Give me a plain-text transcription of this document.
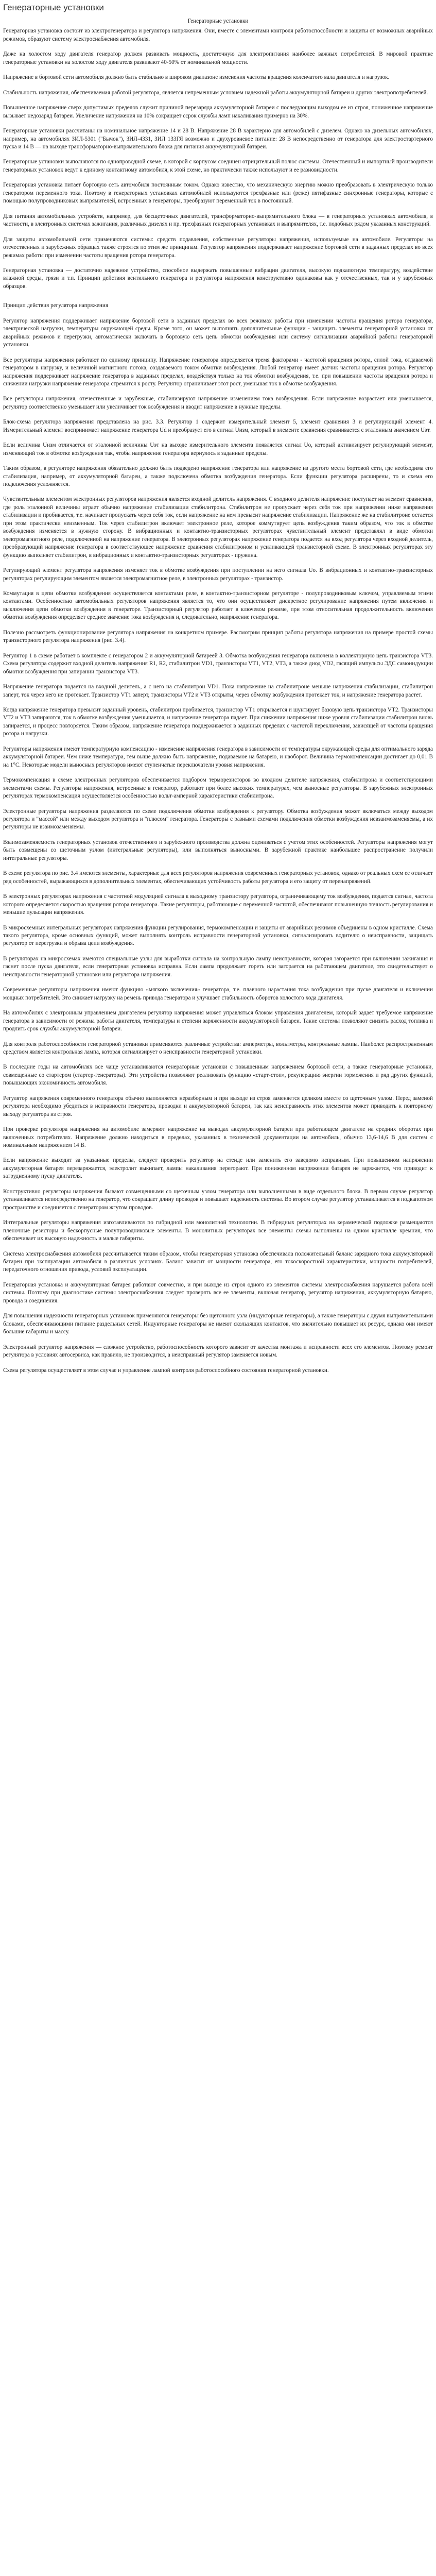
Генераторные установки
Генераторные установки

Генераторная установка состоит из электрогенератора и регулятора напряжения. Они, вместе с элементами контроля работоспособности и защиты от возможных аварийных режимов, образуют систему электроснабжения автомобиля.

Даже на холостом ходу двигателя генератор должен развивать мощность, достаточную для электропитания наиболее важных потребителей. В мировой практике генераторные установки на холостом ходу двигателя развивают 40-50% от номинальной мощности.

Напряжение в бортовой сети автомобиля должно быть стабильно в широком диапазоне изменения частоты вращения коленчатого вала двигателя и нагрузок.

Стабильность напряжения, обеспечиваемая работой регулятора, является непременным условием надежной работы аккумуляторной батареи и других электропотребителей.

Повышенное напряжение сверх допустимых пределов служит причиной перезаряда аккумуляторной батареи с последующим выходом ее из строя, пониженное напряжение вызывает недозаряд батареи. Увеличение напряжения на 10% сокращает ссрок службы ламп накаливания примерно на 30%.

Генераторные установки рассчитаны на номинальное напряжение 14 и 28 В. Напряжение 28 В характерно для автомобилей с дизелем. Однако на дизельных автомобилях, например, на автомобилях ЗИЛ-5301 ("Бычок"), ЗИЛ-4331, ЗИЛ 133ГЯ возможно и двухуровневое питание: 28 В непосредственно от генератора для электростартерного пуска и 14 В — на выходе трансформаторно-выпрямительного блока для питания аккумуляторной батареи.

Генераторные установки выполняются по однопроводной схеме, в которой с корпусом соединен отрицательный полюс системы. Отечественный и импортный производители генераторных установок ведут к единому контактному автомобиля, к этой схеме, но практически также используют и ее разновидности.

Генераторная установка питает бортовую сеть автомобиля постоянным током. Однако известно, что механическую энергию можно преобразовать в электрическую только генератором переменного тока. Поэтому в генераторных установках автомобилей используются трехфазные или (реже) пятифазные синхронные генераторы, которые с помощью полупроводниковых выпрямителей, встроенных в генераторы, преобразуют переменный ток в постоянный.

Для питания автомобильных устройств, например, для бесщеточных двигателей, трансформаторно-выпрямительного блока — в генераторных установках автомобиля, в частности, в электронных системах зажигания, различных дизелях и пр. трехфазных генераторных установках и выпрямителях, т.е. подобных рядом указанных конструкций.

Для защиты автомобильной сети применяются системы: средств подавления, собственные регуляторы напряжения, используемые на автомобиле. Регуляторы на отечественных и зарубежных образцах также строятся по этим же принципам. Регулятор напряжения поддерживает напряжение бортовой сети в заданных пределах во всех режимах работы при изменении частоты вращения ротора генератора.

Генераторная установка — достаточно надежное устройство, способное выдержать повышенные вибрации двигателя, высокую подкапотную температуру, воздействие влажной среды, грязи и т.п. Принцип действия вентильного генератора и регулятора напряжения конструктивно одинаковы как у отечественных, так и у зарубежных образцов.

Принцип действия регулятора напряжения

Регулятор напряжения поддерживает напряжение бортовой сети в заданных пределах во всех режимах работы при изменении частоты вращения ротора генератора, электрической нагрузки, температуры окружающей среды. Кроме того, он может выполнять дополнительные функции - защищать элементы генераторной установки от аварийных режимов и перегрузки, автоматически включать в бортовую сеть цепь обмотки возбуждения или систему сигнализации аварийной работы генераторной установки.

Все регуляторы напряжения работают по единому принципу. Напряжение генератора определяется тремя факторами - частотой вращения ротора, силой тока, отдаваемой генератором в нагрузку, и величиной магнитного потока, создаваемого током обмотки возбуждения. Любой генератор имеет датчик частоты вращения ротора. Регулятор напряжения поддерживает напряжение генератора в заданных пределах, воздействуя только на ток обмотки возбуждения, т.е. при повышении частоты вращения ротора и снижении нагрузки напряжение генератора стремится к росту. Регулятор ограничивает этот рост, уменьшая ток в обмотке возбуждения.

Все регуляторы напряжения, отечественные и зарубежные, стабилизируют напряжение изменением тока возбуждения. Если напряжение возрастает или уменьшается, регулятор соответственно уменьшает или увеличивает ток возбуждения и вводит напряжение в нужные пределы.

Блок-схема регулятора напряжения представлена на рис. 3.3. Регулятор 1 содержит измерительный элемент 5, элемент сравнения 3 и регулирующий элемент 4. Измерительный элемент воспринимает напряжение генератора Ud и преобразует его в сигнал Uизм, который в элементе сравнения сравнивается с эталонным значением Uэт.

Если величина Uизм отличается от эталонной величины Uэт на выходе измерительного элемента появляется сигнал Uо, который активизирует регулирующий элемент, изменяющий ток в обмотке возбуждения так, чтобы напряжение генератора вернулось в заданные пределы.

Таким образом, в регуляторе напряжения обязательно должно быть подведено напряжение генератора или напряжение из другого места бортовой сети, где необходима его стабилизация, например, от аккумуляторной батареи, а также подключена обмотка возбуждения генератора. Если функции регулятора расширены, то и схема его подключения усложняется.

Чувствительным элементом электронных регуляторов напряжения является входной делитель напряжения. С входного делителя напряжение поступает на элемент сравнения, где роль эталонной величины играет обычно напряжение стабилизации стабилитрона. Стабилитрон не пропускает через себя ток при напряжении ниже напряжения стабилизации и пробивается, т.е. начинает пропускать через себя ток, если напряжение на нем превысит напряжение стабилизации. Напряжение же на стабилитроне остается при этом практически неизменным. Ток через стабилитрон включает электронное реле, которое коммутирует цепь возбуждения таким образом, что ток в обмотке возбуждения изменяется в нужную сторону. В вибрационных и контактно-транзисторных регуляторах чувствительный элемент представлял в виде обмотки электромагнитного реле, подключенной на напряжение генератора. В электронных регуляторах напряжение генератора подается на вход регулятора через входной делитель, преобразующий напряжение генератора в соответствующее напряжение сравнения стабилитроном и усиливающей транзисторной схеме. В электронных регуляторах эту функцию выполняет стабилитрон, в вибрационных и контактно-транзисторных регуляторах - пружина.

Регулирующий элемент регулятора напряжения изменяет ток в обмотке возбуждения при поступлении на него сигнала Uо. В вибрационных и контактно-транзисторных регуляторах регулирующим элементом является электромагнитное реле, в электронных регуляторах - транзистор.

Коммутация в цепи обмотки возбуждения осуществляется контактами реле, в контактно-транзисторном регуляторе - полупроводниковым ключом, управляемым этими контактами. Особенностью автомобильных регуляторов напряжения является то, что они осуществляют дискретное регулирование напряжения путем включения и выключения цепи обмотки возбуждения в генераторе. Транзисторный регулятор работает в ключевом режиме, при этом относительная продолжительность включения обмотки возбуждения определяет среднее значение тока возбуждения и, следовательно, напряжение генератора.

Полезно рассмотреть функционирование регулятора напряжения на конкретном примере. Рассмотрим принцип работы регулятора напряжения на примере простой схемы транзисторного регулятора напряжения (рис. 3.4).

Регулятор 1 в схеме работает в комплекте с генератором 2 и аккумуляторной батареей 3. Обмотка возбуждения генератора включена в коллекторную цепь транзистора VT3. Схема регулятора содержит входной делитель напряжения R1, R2, стабилитрон VD1, транзисторы VT1, VT2, VT3, а также диод VD2, гасящий импульсы ЭДС самоиндукции обмотки возбуждения при запирании транзистора VT3.

Напряжение генератора подается на входной делитель, а с него на стабилитрон VD1. Пока напряжение на стабилитроне меньше напряжения стабилизации, стабилитрон заперт, ток через него не протекает. Транзистор VT1 заперт, транзисторы VT2 и VT3 открыты, через обмотку возбуждения протекает ток, и напряжение генератора растет.

Когда напряжение генератора превысит заданный уровень, стабилитрон пробивается, транзистор VT1 открывается и шунтирует базовую цепь транзистора VT2. Транзисторы VT2 и VT3 запираются, ток в обмотке возбуждения уменьшается, и напряжение генератора падает. При снижении напряжения ниже уровня стабилизации стабилитрон вновь запирается, и процесс повторяется. Таким образом, напряжение генератора поддерживается в заданных пределах с частотой переключения, зависящей от частоты вращения ротора и нагрузки.

Регуляторы напряжения имеют температурную компенсацию - изменение напряжения генератора в зависимости от температуры окружающей среды для оптимального заряда аккумуляторной батареи. Чем ниже температура, тем выше должно быть напряжение, подаваемое на батарею, и наоборот. Величина термокомпенсации достигает до 0,01 В на 1°С. Некоторые модели выносных регуляторов имеют ступенчатые переключатели уровня напряжения.

Термокомпенсация в схеме электронных регуляторов обеспечивается подбором терморезисторов во входном делителе напряжения, стабилитрона и соответствующими элементами схемы. Регуляторы напряжения, встроенные в генератор, работают при более высоких температурах, чем выносные регуляторы. В зарубежных электронных регуляторах термокомпенсация осуществляется особенностью вольт-амперной характеристики стабилитрона.

Электронные регуляторы напряжения разделяются по схеме подключения обмотки возбуждения к регулятору. Обмотка возбуждения может включаться между выходом регулятора и "массой" или между выходом регулятора и "плюсом" генератора. Генераторы с разными схемами подключения обмотки возбуждения невзаимозаменяемы, а их регуляторы не взаимозаменяемы.

Взаимозаменяемость генераторных установок отечественного и зарубежного производства должна оцениваться с учетом этих особенностей. Регуляторы напряжения могут быть совмещены со щеточным узлом (интегральные регуляторы), или выполняться выносными. В зарубежной практике наибольшее распространение получили интегральные регуляторы.

В схеме регулятора по рис. 3.4 имеются элементы, характерные для всех регуляторов напряжения современных генераторных установок, однако от реальных схем ее отличает ряд особенностей, выражающихся в дополнительных элементах, обеспечивающих устойчивость работы регулятора и его защиту от перенапряжений.

В электронных регуляторах напряжения с частотной модуляцией сигнала к выходному транзистору регулятора, ограничивающему ток возбуждения, подается сигнал, частота которого определяется скоростью вращения ротора генератора. Такие регуляторы, работающие с переменной частотой, обеспечивают повышенную точность регулирования и меньшие пульсации напряжения.

В микросхемных интегральных регуляторах напряжения функции регулирования, термокомпенсации и защиты от аварийных режимов объединены в одном кристалле. Схема такого регулятора, кроме основных функций, может выполнять контроль исправности генераторной установки, сигнализировать водителю о неисправности, защищать регулятор от перегрузки и обрыва цепи возбуждения.

В регуляторах на микросхемах имеются специальные узлы для выработки сигнала на контрольную лампу неисправности, которая загорается при включении зажигания и гаснет после пуска двигателя, если генераторная установка исправна. Если лампа продолжает гореть или загорается на работающем двигателе, это свидетельствует о неисправности генераторной установки или регулятора напряжения.

Современные регуляторы напряжения имеют функцию «мягкого включения» генератора, т.е. плавного нарастания тока возбуждения при пуске двигателя и включении мощных потребителей. Это снижает нагрузку на ремень привода генератора и улучшает стабильность оборотов холостого хода двигателя.

На автомобилях с электронным управлением двигателем регулятор напряжения может управляться блоком управления двигателем, который задает требуемое напряжение генератора в зависимости от режима работы двигателя, температуры и степени заряженности аккумуляторной батареи. Такие системы позволяют снизить расход топлива и продлить срок службы аккумуляторной батареи.

Для контроля работоспособности генераторной установки применяются различные устройства: амперметры, вольтметры, контрольные лампы. Наиболее распространенным средством является контрольная лампа, которая сигнализирует о неисправности генераторной установки.

В последние годы на автомобилях все чаще устанавливаются генераторные установки с повышенным напряжением бортовой сети, а также генераторные установки, совмещенные со стартером (стартер-генераторы). Эти устройства позволяют реализовать функцию «старт-стоп», рекуперацию энергии торможения и ряд других функций, повышающих экономичность автомобиля.

Регулятор напряжения современного генератора обычно выполняется неразборным и при выходе из строя заменяется целиком вместе со щеточным узлом. Перед заменой регулятора необходимо убедиться в исправности генератора, проводки и аккумуляторной батареи, так как неисправность этих элементов может приводить к повторному выходу регулятора из строя.

При проверке регулятора напряжения на автомобиле замеряют напряжение на выводах аккумуляторной батареи при работающем двигателе на средних оборотах при включенных потребителях. Напряжение должно находиться в пределах, указанных в технической документации на автомобиль, обычно 13,6-14,6 В для систем с номинальным напряжением 14 В.

Если напряжение выходит за указанные пределы, следует проверить регулятор на стенде или заменить его заведомо исправным. При повышенном напряжении аккумуляторная батарея перезаряжается, электролит выкипает, лампы накаливания перегорают. При пониженном напряжении батарея не заряжается, что приводит к затрудненному пуску двигателя.

Конструктивно регуляторы напряжения бывают совмещенными со щеточным узлом генератора или выполненными в виде отдельного блока. В первом случае регулятор устанавливается непосредственно на генератор, что сокращает длину проводов и повышает надежность системы. Во втором случае регулятор устанавливается в подкапотном пространстве и соединяется с генератором жгутом проводов.

Интегральные регуляторы напряжения изготавливаются по гибридной или монолитной технологии. В гибридных регуляторах на керамической подложке размещаются пленочные резисторы и бескорпусные полупроводниковые элементы. В монолитных регуляторах все элементы схемы выполнены на одном кристалле кремния, что обеспечивает их высокую надежность и малые габариты.

Система электроснабжения автомобиля рассчитывается таким образом, чтобы генераторная установка обеспечивала положительный баланс зарядного тока аккумуляторной батареи при эксплуатации автомобиля в различных условиях. Баланс зависит от мощности генератора, его токоскоростной характеристики, мощности потребителей, передаточного отношения привода, условий эксплуатации.

Генераторная установка и аккумуляторная батарея работают совместно, и при выходе из строя одного из элементов системы электроснабжения нарушается работа всей системы. Поэтому при диагностике системы электроснабжения следует проверять все ее элементы, включая генератор, регулятор напряжения, аккумуляторную батарею, провода и соединения.

Для повышения надежности генераторных установок применяются генераторы без щеточного узла (индукторные генераторы), а также генераторы с двумя выпрямительными блоками, обеспечивающими питание раздельных сетей. Индукторные генераторы не имеют скользящих контактов, что значительно повышает их ресурс, однако они имеют большие габариты и массу.

Электронный регулятор напряжения — сложное устройство, работоспособность которого зависит от качества монтажа и исправности всех его элементов. Поэтому ремонт регулятора в условиях автосервиса, как правило, не производится, а неисправный регулятор заменяется новым.

Схема регулятора осуществляет в этом случае и управление лампой контроля работоспособного состояния генераторной установки.
